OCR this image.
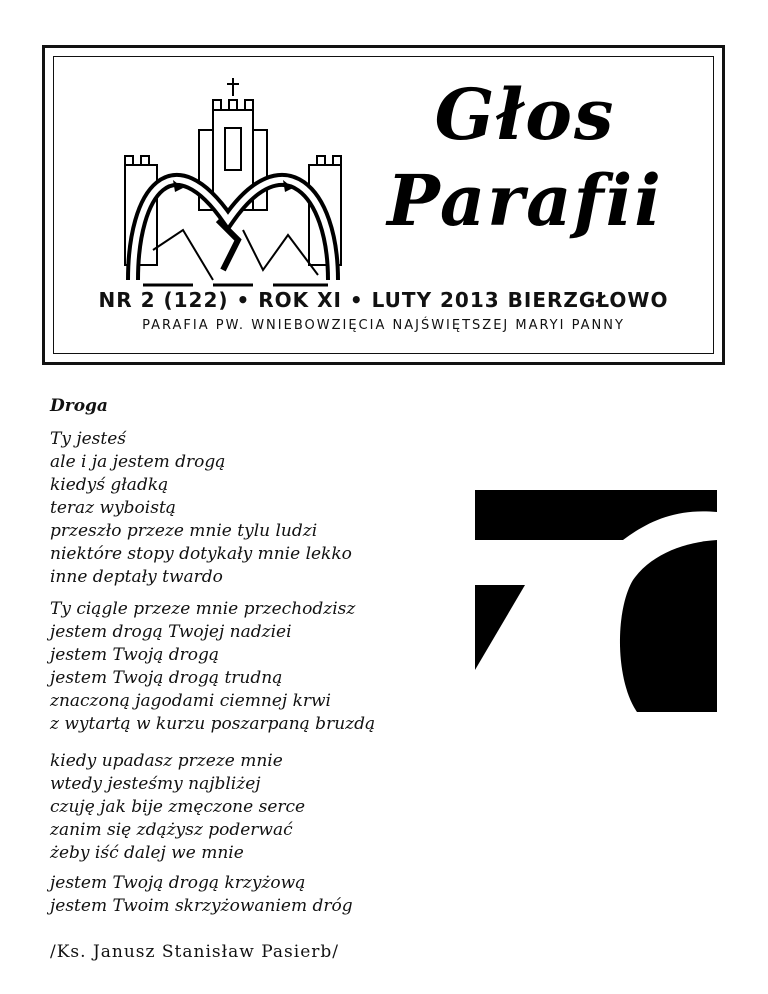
Głos
Parafii
NR 2 (122) • ROK XI • LUTY 2013 BIERZGŁOWO
PARAFIA PW. WNIEBOWZIĘCIA NAJŚWIĘTSZEJ MARYI PANNY
Droga
Ty jesteś
ale i ja jestem drogą
kiedyś gładką
teraz wyboistą
przeszło przeze mnie tylu ludzi
niektóre stopy dotykały mnie lekko
inne deptały twardo
Ty ciągle przeze mnie przechodzisz
jestem drogą Twojej nadziei
jestem Twoją drogą
jestem Twoją drogą trudną
znaczoną jagodami ciemnej krwi
z wytartą w kurzu poszarpaną bruzdą
kiedy upadasz przeze mnie
wtedy jesteśmy najbliżej
czuję jak bije zmęczone serce
zanim się zdążysz poderwać
żeby iść dalej we mnie
jestem Twoją drogą krzyżową
jestem Twoim skrzyżowaniem dróg
/Ks. Janusz Stanisław Pasierb/
